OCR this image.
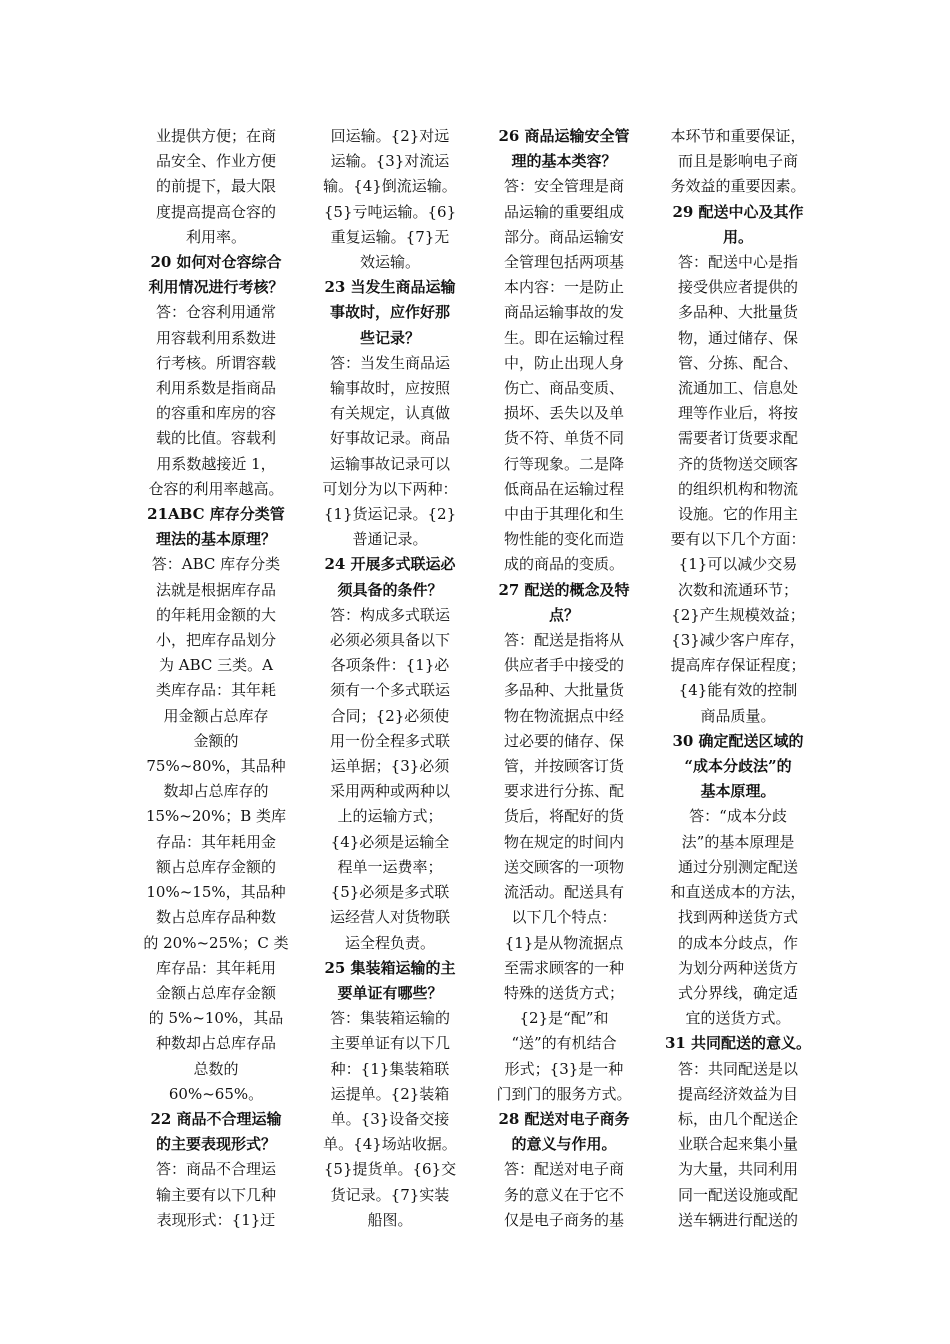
业提供方便；在商
品安全、作业方便
的前提下，最大限
度提高提高仓容的
利用率。
20 如何对仓容综合
利用情况进行考核？
答：仓容利用通常
用容载利用系数进
行考核。所谓容载
利用系数是指商品
的容重和库房的容
载的比值。容载利
用系数越接近 1，
仓容的利用率越高。
21ABC 库存分类管
理法的基本原理？
答：ABC 库存分类
法就是根据库存品
的年耗用金额的大
小，把库存品划分
为 ABC 三类。A
类库存品：其年耗
用金额占总库存
金额的
75%~80%，其品种
数却占总库存的
15%~20%；B 类库
存品：其年耗用金
额占总库存金额的
10%~15%，其品种
数占总库存品种数
的 20%~25%；C 类
库存品：其年耗用
金额占总库存金额
的 5%~10%，其品
种数却占总库存品
总数的
60%~65%。
22 商品不合理运输
的主要表现形式？
答：商品不合理运
输主要有以下几种
表现形式：{1}迂
回运输。{2}对远
运输。{3}对流运
输。{4}倒流运输。
{5}亏吨运输。{6}
重复运输。{7}无
效运输。
23 当发生商品运输
事故时，应作好那
些记录？
答：当发生商品运
输事故时，应按照
有关规定，认真做
好事故记录。商品
运输事故记录可以
可划分为以下两种：
{1}货运记录。{2}
普通记录。
24 开展多式联运必
须具备的条件？
答：构成多式联运
必须必须具备以下
各项条件：{1}必
须有一个多式联运
合同；{2}必须使
用一份全程多式联
运单据；{3}必须
采用两种或两种以
上的运输方式；
{4}必须是运输全
程单一运费率；
{5}必须是多式联
运经营人对货物联
运全程负责。
25 集装箱运输的主
要单证有哪些？
答：集装箱运输的
主要单证有以下几
种：{1}集装箱联
运提单。{2}装箱
单。{3}设备交接
单。{4}场站收据。
{5}提货单。{6}交
货记录。{7}实装
船图。
26 商品运输安全管
理的基本类容？
答：安全管理是商
品运输的重要组成
部分。商品运输安
全管理包括两项基
本内容：一是防止
商品运输事故的发
生。即在运输过程
中，防止出现人身
伤亡、商品变质、
损坏、丢失以及单
货不符、单货不同
行等现象。二是降
低商品在运输过程
中由于其理化和生
物性能的变化而造
成的商品的变质。
27 配送的概念及特
点？
答：配送是指将从
供应者手中接受的
多品种、大批量货
物在物流据点中经
过必要的储存、保
管，并按顾客订货
要求进行分拣、配
货后，将配好的货
物在规定的时间内
送交顾客的一项物
流活动。配送具有
以下几个特点：
{1}是从物流据点
至需求顾客的一种
特殊的送货方式；
{2}是“配”和
“送”的有机结合
形式；{3}是一种
门到门的服务方式。
28 配送对电子商务
的意义与作用。
答：配送对电子商
务的意义在于它不
仅是电子商务的基
本环节和重要保证，
而且是影响电子商
务效益的重要因素。
29 配送中心及其作
用。
答：配送中心是指
接受供应者提供的
多品种、大批量货
物，通过储存、保
管、分拣、配合、
流通加工、信息处
理等作业后，将按
需要者订货要求配
齐的货物送交顾客
的组织机构和物流
设施。它的作用主
要有以下几个方面：
{1}可以减少交易
次数和流通环节；
{2}产生规模效益；
{3}减少客户库存，
提高库存保证程度；
{4}能有效的控制
商品质量。
30 确定配送区域的
“成本分歧法”的
基本原理。
答：“成本分歧
法”的基本原理是
通过分别测定配送
和直送成本的方法，
找到两种送货方式
的成本分歧点，作
为划分两种送货方
式分界线，确定适
宜的送货方式。
31 共同配送的意义。
答：共同配送是以
提高经济效益为目
标，由几个配送企
业联合起来集小量
为大量，共同利用
同一配送设施或配
送车辆进行配送的
